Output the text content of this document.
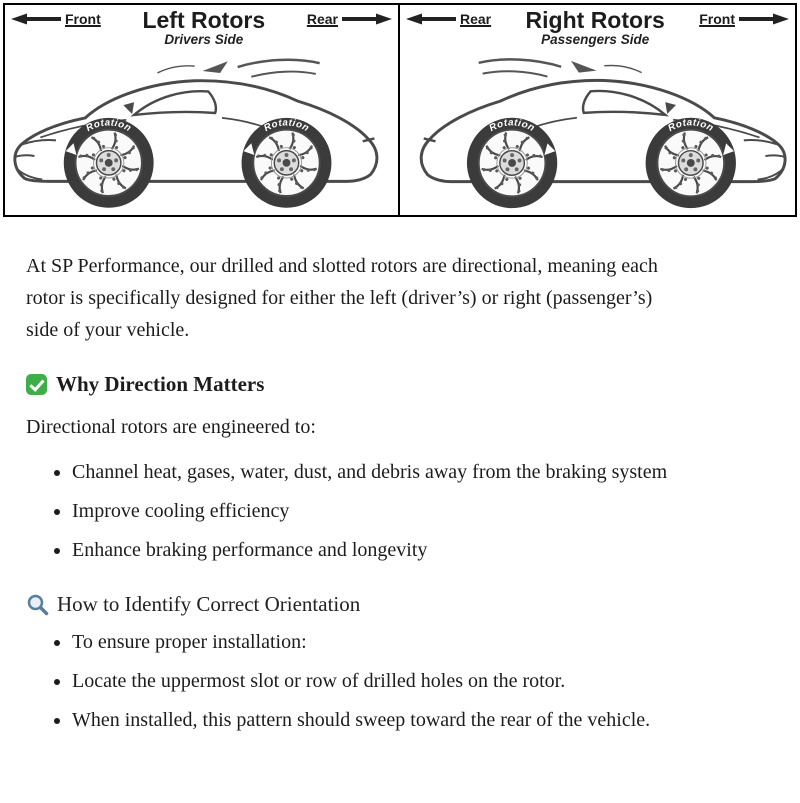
Front Left Rotors
Drivers Side
Rear
Rotation	Rotation
Rear Right Rotors
Passengers Side
Front
Rotation
Rotation

At SP Performance, our drilled and slotted rotors are directional, meaning each rotor is specifically designed for either the left (driver’s) or right (passenger’s) side of your vehicle.

Why Direction Matters

Directional rotors are engineered to:

• Channel heat, gases, water, dust, and debris away from the braking system
• Improve cooling efficiency
• Enhance braking performance and longevity
How to Identify Correct Orientation
• To ensure proper installation:
• Locate the uppermost slot or row of drilled holes on the rotor.
• When installed, this pattern should sweep toward the rear of the vehicle.
